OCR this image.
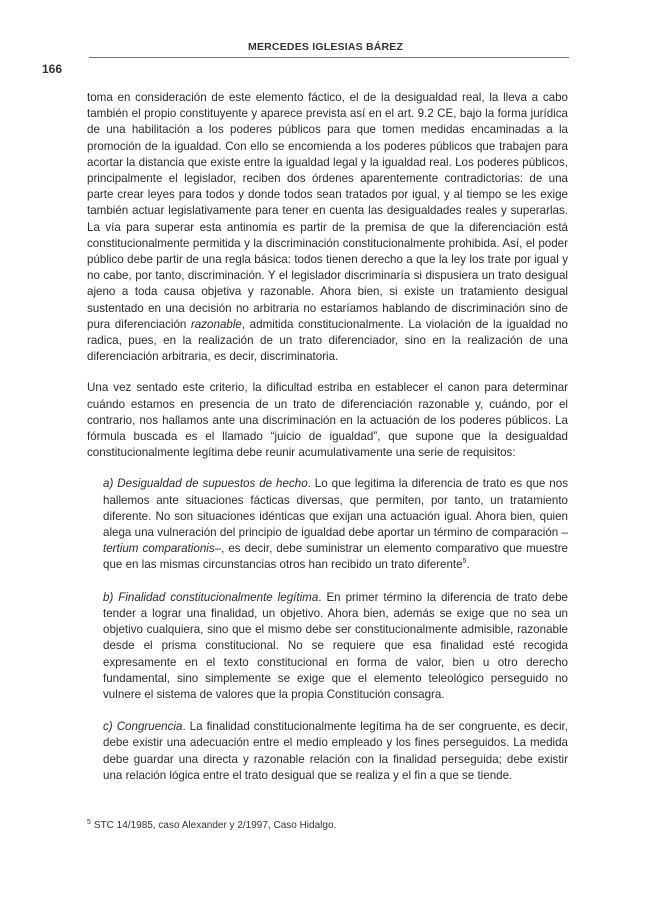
MERCEDES IGLESIAS BÁREZ
166

toma en consideración de este elemento fáctico, el de la desigualdad real, la lleva a cabo también el propio constituyente y aparece prevista así en el art. 9.2 CE, bajo la forma jurídica de una habilitación a los poderes públicos para que tomen medidas encaminadas a la promoción de la igualdad. Con ello se encomienda a los poderes públicos que trabajen para acortar la distancia que existe entre la igualdad legal y la igualdad real. Los poderes públicos, principalmente el legislador, reciben dos órdenes aparentemente contradictorias: de una parte crear leyes para todos y donde todos sean tratados por igual, y al tiempo se les exige también actuar legislativamente para tener en cuenta las desigualdades reales y superarlas. La vía para superar esta antinomia es partir de la premisa de que la diferenciación está constitucionalmente permitida y la discriminación constitucionalmente prohibida. Así, el poder público debe partir de una regla básica: todos tienen derecho a que la ley los trate por igual y no cabe, por tanto, discriminación. Y el legislador discriminaría si dispusiera un trato desigual ajeno a toda causa objetiva y razonable. Ahora bien, si existe un tratamiento desigual sustentado en una decisión no arbitraria no estaríamos hablando de discriminación sino de pura diferenciación razonable, admitida constitucionalmente. La violación de la igualdad no radica, pues, en la realización de un trato diferenciador, sino en la realización de una diferenciación arbitraria, es decir, discriminatoria.

Una vez sentado este criterio, la dificultad estriba en establecer el canon para determinar cuándo estamos en presencia de un trato de diferenciación razonable y, cuándo, por el contrario, nos hallamos ante una discriminación en la actuación de los poderes públicos. La fórmula buscada es el llamado “juicio de igualdad”, que supone que la desigualdad constitucionalmente legítima debe reunir acumulativamente una serie de requisitos:

a) Desigualdad de supuestos de hecho. Lo que legitima la diferencia de trato es que nos hallemos ante situaciones fácticas diversas, que permiten, por tanto, un tratamiento diferente. No son situaciones idénticas que exijan una actuación igual. Ahora bien, quien alega una vulneración del principio de igualdad debe aportar un término de comparación –tertium comparationis–, es decir, debe suministrar un elemento comparativo que muestre que en las mismas circunstancias otros han recibido un trato diferente$^5$.
b) Finalidad constitucionalmente legítima. En primer término la diferencia de trato debe tender a lograr una finalidad, un objetivo. Ahora bien, además se exige que no sea un objetivo cualquiera, sino que el mismo debe ser constitucionalmente admisible, razonable desde el prisma constitucional. No se requiere que esa finalidad esté recogida expresamente en el texto constitucional en forma de valor, bien u otro derecho fundamental, sino simplemente se exige que el elemento teleológico perseguido no vulnere el sistema de valores que la propia Constitución consagra.
c) Congruencia. La finalidad constitucionalmente legítima ha de ser congruente, es decir, debe existir una adecuación entre el medio empleado y los fines perseguidos. La medida debe guardar una directa y razonable relación con la finalidad perseguida; debe existir una relación lógica entre el trato desigual que se realiza y el fin a que se tiende.
$^5$ STC 14/1985, caso Alexander y 2/1997, Caso Hidalgo.
